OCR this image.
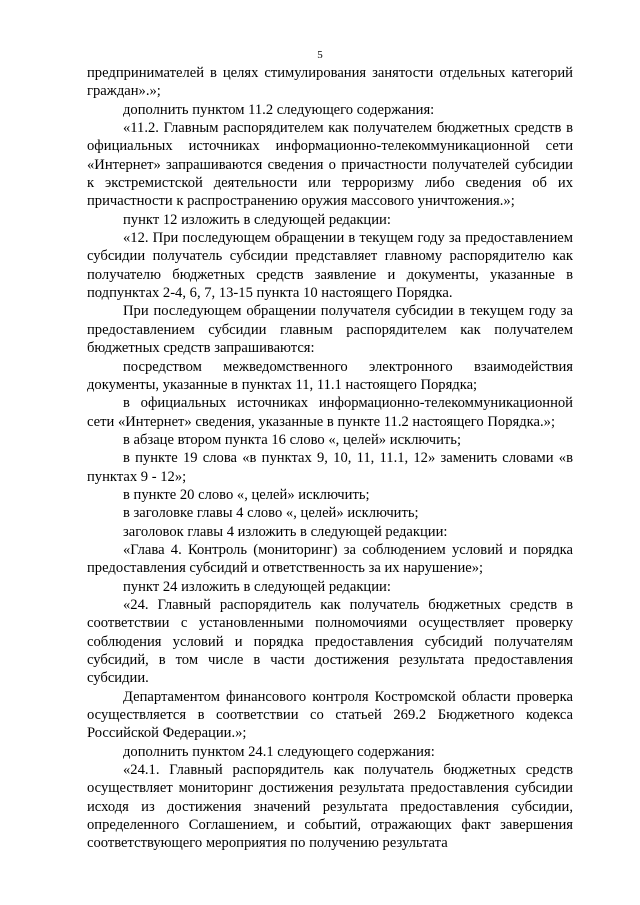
5

предпринимателей в целях стимулирования занятости отдельных категорий граждан».»;

дополнить пунктом 11.2 следующего содержания:

«11.2. Главным распорядителем как получателем бюджетных средств в официальных источниках информационно-телекоммуникационной сети «Интернет» запрашиваются сведения о причастности получателей субсидии к экстремистской деятельности или терроризму либо сведения об их причастности к распространению оружия массового уничтожения.»;

пункт 12 изложить в следующей редакции:

«12. При последующем обращении в текущем году за предоставлением субсидии получатель субсидии представляет главному распорядителю как получателю бюджетных средств заявление и документы, указанные в подпунктах 2-4, 6, 7, 13-15 пункта 10 настоящего Порядка.

При последующем обращении получателя субсидии в текущем году за предоставлением субсидии главным распорядителем как получателем бюджетных средств запрашиваются:

посредством межведомственного электронного взаимодействия документы, указанные в пунктах 11, 11.1 настоящего Порядка;

в официальных источниках информационно-телекоммуникационной сети «Интернет» сведения, указанные в пункте 11.2 настоящего Порядка.»;

в абзаце втором пункта 16 слово «, целей» исключить;

в пункте 19 слова «в пунктах 9, 10, 11, 11.1, 12» заменить словами «в пунктах 9 - 12»;

в пункте 20 слово «, целей» исключить;

в заголовке главы 4 слово «, целей» исключить;

заголовок главы 4 изложить в следующей редакции:

«Глава 4. Контроль (мониторинг) за соблюдением условий и порядка предоставления субсидий и ответственность за их нарушение»;

пункт 24 изложить в следующей редакции:

«24. Главный распорядитель как получатель бюджетных средств в соответствии с установленными полномочиями осуществляет проверку соблюдения условий и порядка предоставления субсидий получателям субсидий, в том числе в части достижения результата предоставления субсидии.

Департаментом финансового контроля Костромской области проверка осуществляется в соответствии со статьей 269.2 Бюджетного кодекса Российской Федерации.»;

дополнить пунктом 24.1 следующего содержания:

«24.1. Главный распорядитель как получатель бюджетных средств осуществляет мониторинг достижения результата предоставления субсидии исходя из достижения значений результата предоставления субсидии, определенного Соглашением, и событий, отражающих факт завершения соответствующего мероприятия по получению результата
